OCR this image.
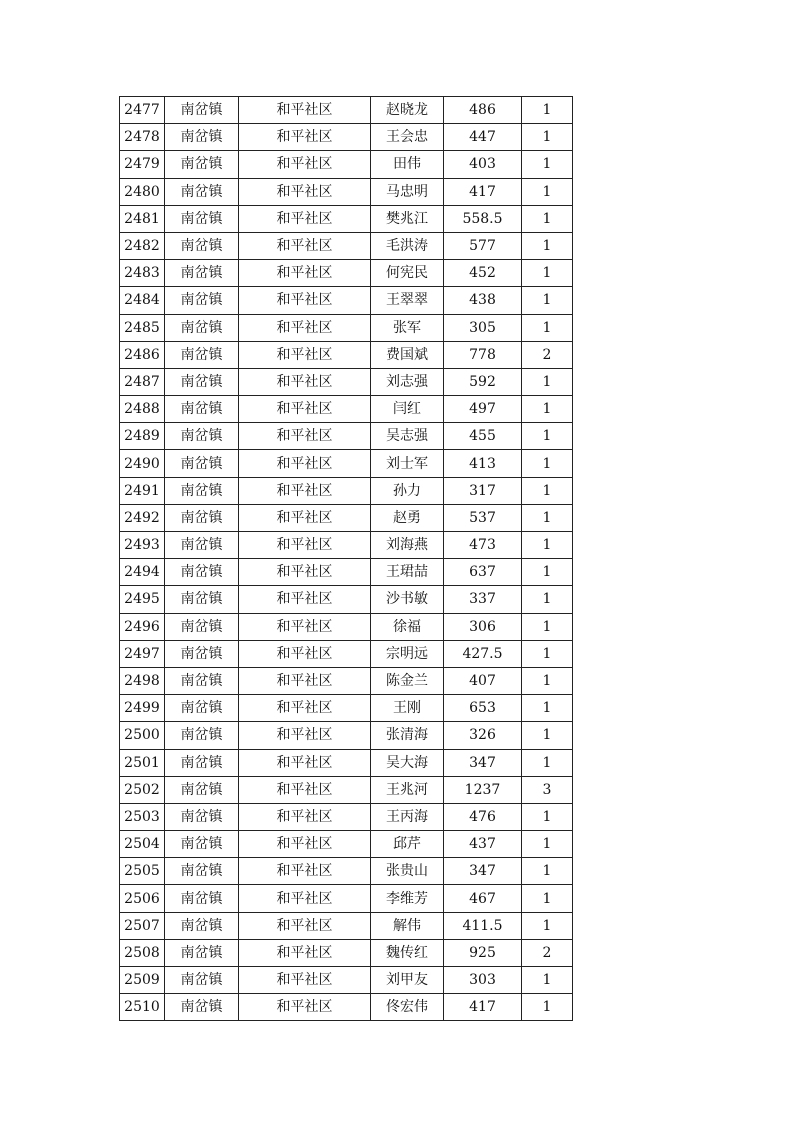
2477	南岔镇	和平社区	赵晓龙	486	1
2478	南岔镇	和平社区	王会忠	447	1
2479	南岔镇	和平社区	田伟	403	1
2480	南岔镇	和平社区	马忠明	417	1
2481	南岔镇	和平社区	樊兆江	558.5	1
2482	南岔镇	和平社区	毛洪涛	577	1
2483	南岔镇	和平社区	何宪民	452	1
2484	南岔镇	和平社区	王翠翠	438	1
2485	南岔镇	和平社区	张军	305	1
2486	南岔镇	和平社区	费国斌	778	2
2487	南岔镇	和平社区	刘志强	592	1
2488	南岔镇	和平社区	闫红	497	1
2489	南岔镇	和平社区	吴志强	455	1
2490	南岔镇	和平社区	刘士军	413	1
2491	南岔镇	和平社区	孙力	317	1
2492	南岔镇	和平社区	赵勇	537	1
2493	南岔镇	和平社区	刘海燕	473	1
2494	南岔镇	和平社区	王珺喆	637	1
2495	南岔镇	和平社区	沙书敏	337	1
2496	南岔镇	和平社区	徐福	306	1
2497	南岔镇	和平社区	宗明远	427.5	1
2498	南岔镇	和平社区	陈金兰	407	1
2499	南岔镇	和平社区	王刚	653	1
2500	南岔镇	和平社区	张清海	326	1
2501	南岔镇	和平社区	吴大海	347	1
2502	南岔镇	和平社区	王兆河	1237	3
2503	南岔镇	和平社区	王丙海	476	1
2504	南岔镇	和平社区	邱芹	437	1
2505	南岔镇	和平社区	张贵山	347	1
2506	南岔镇	和平社区	李维芳	467	1
2507	南岔镇	和平社区	解伟	411.5	1
2508	南岔镇	和平社区	魏传红	925	2
2509	南岔镇	和平社区	刘甲友	303	1
2510	南岔镇	和平社区	佟宏伟	417	1
